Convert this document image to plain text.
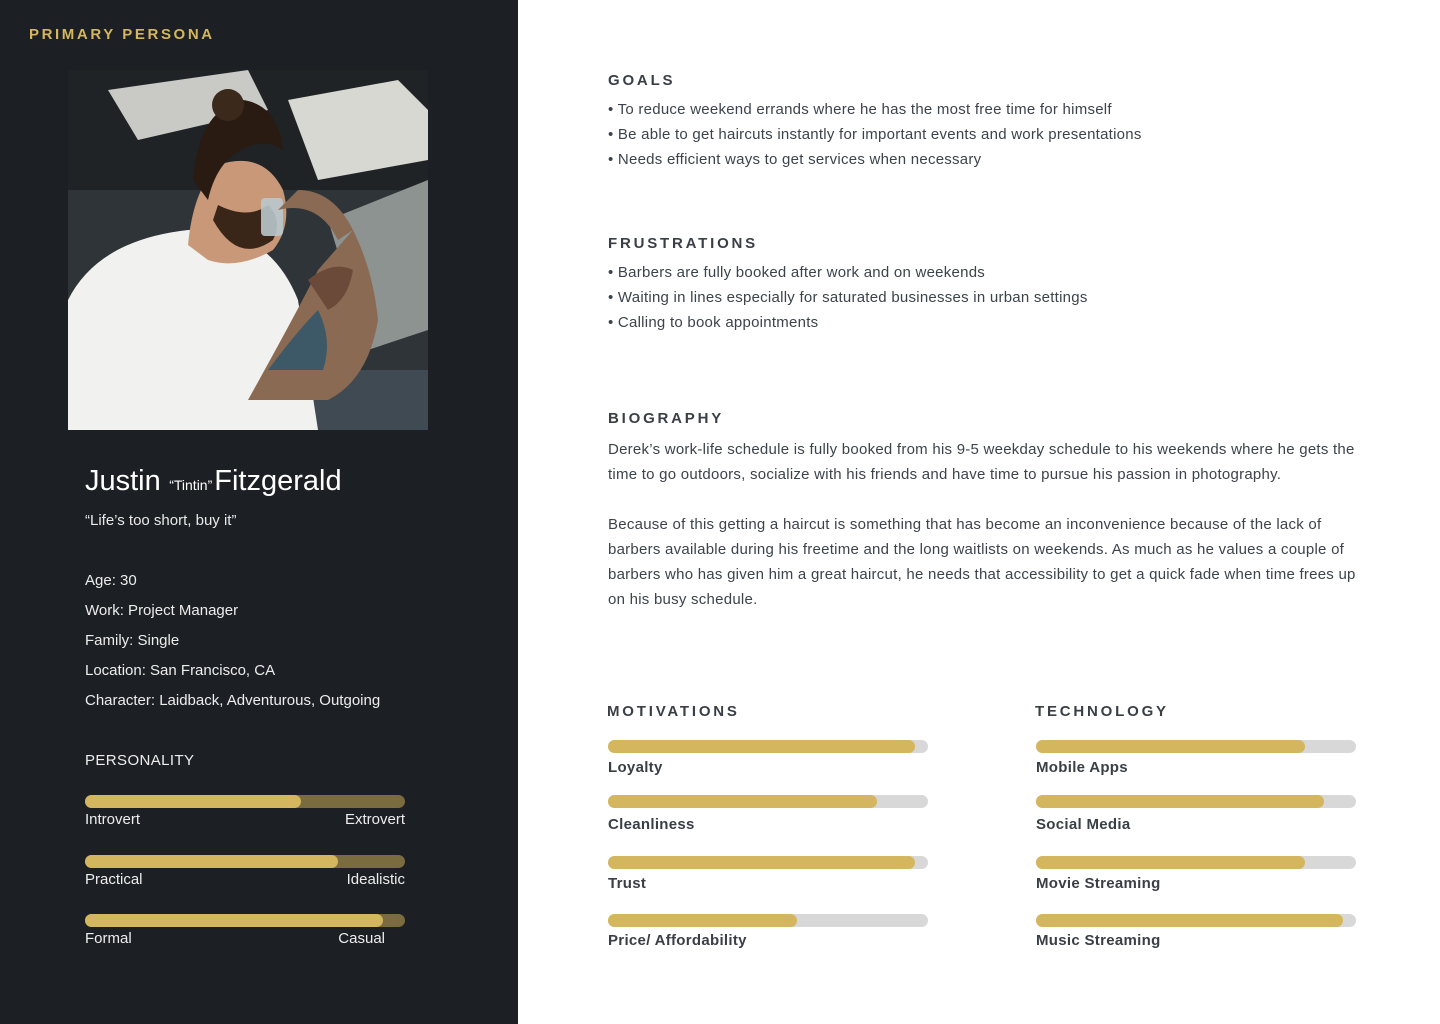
PRIMARY PERSONA
Justin “Tintin”Fitzgerald
“Life’s too short, buy it”
Age: 30
Work: Project Manager
Family: Single
Location: San Francisco, CA
Character: Laidback, Adventurous, Outgoing
PERSONALITY
Introvert	Extrovert
Practical	Idealistic
Formal	Casual
GOALS
• To reduce weekend errands where he has the most free time for himself
• Be able to get haircuts instantly for important events and work presentations
• Needs efficient ways to get services when necessary
FRUSTRATIONS
• Barbers are fully booked after work and on weekends
• Waiting in lines especially for saturated businesses in urban settings
• Calling to book appointments
BIOGRAPHY

Derek’s work-life schedule is fully booked from his 9-5 weekday schedule to his weekends where he gets the time to go outdoors, socialize with his friends and have time to pursue his passion in photography.

Because of this getting a haircut is something that has become an inconvenience because of the lack of barbers available during his freetime and the long waitlists on weekends. As much as he values a couple of barbers who has given him a great haircut, he needs that accessibility to get a quick fade when time frees up on his busy schedule.

MOTIVATIONS
Loyalty
Cleanliness
Trust
Price/ Affordability
TECHNOLOGY
Mobile Apps
Social Media
Movie Streaming
Music Streaming
